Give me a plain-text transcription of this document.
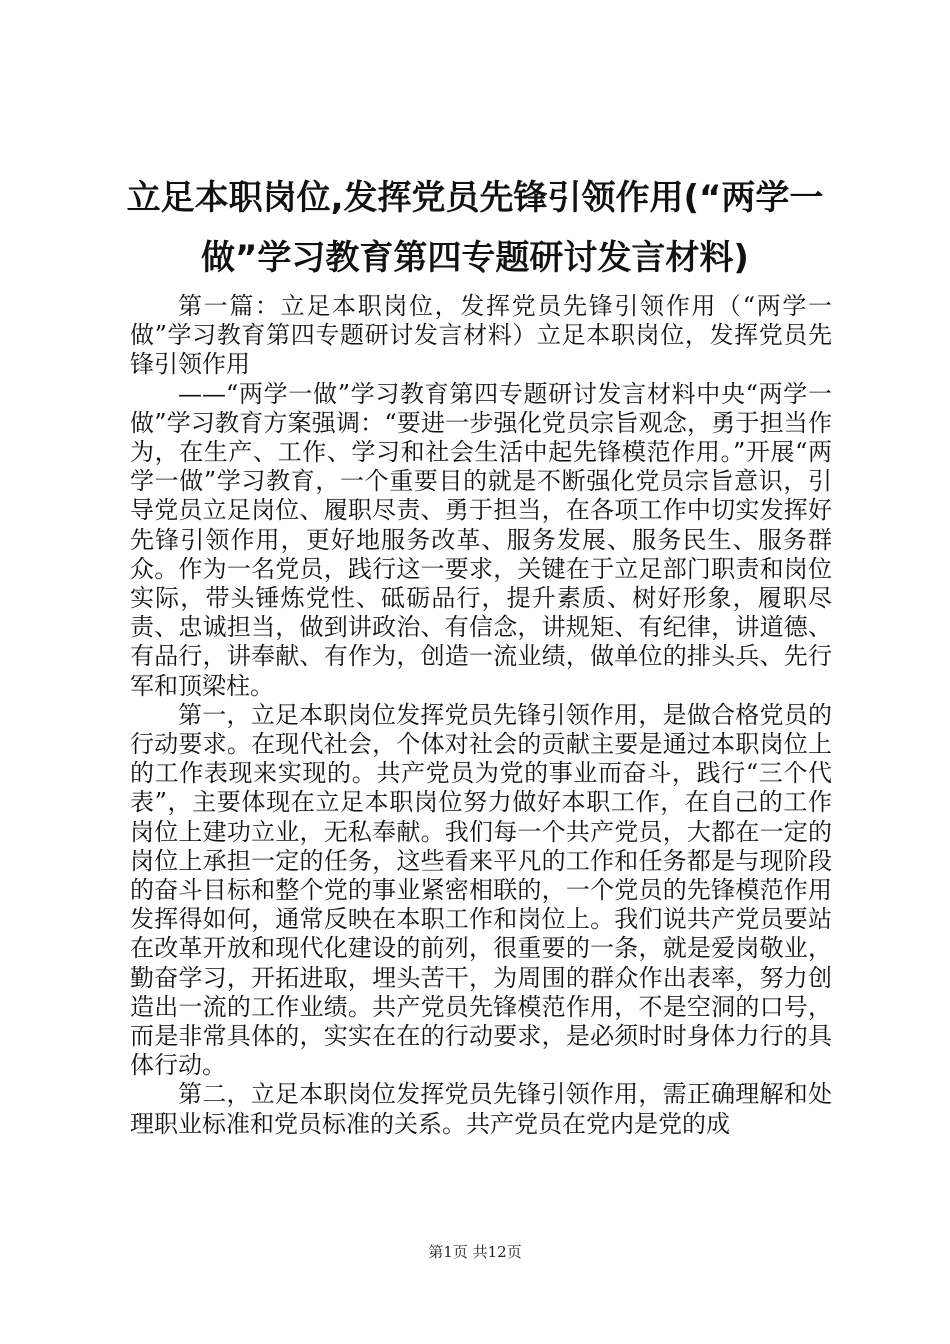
立足本职岗位,发挥党员先锋引领作用(“两学一做”学习教育第四专题研讨发言材料)

第一篇：立足本职岗位，发挥党员先锋引领作用（“两学一做”学习教育第四专题研讨发言材料）立足本职岗位，发挥党员先锋引领作用

——“两学一做”学习教育第四专题研讨发言材料中央“两学一做”学习教育方案强调：“要进一步强化党员宗旨观念，勇于担当作为，在生产、工作、学习和社会生活中起先锋模范作用。”开展“两学一做”学习教育，一个重要目的就是不断强化党员宗旨意识，引导党员立足岗位、履职尽责、勇于担当，在各项工作中切实发挥好先锋引领作用，更好地服务改革、服务发展、服务民生、服务群众。作为一名党员，践行这一要求，关键在于立足部门职责和岗位实际，带头锤炼党性、砥砺品行，提升素质、树好形象，履职尽责、忠诚担当，做到讲政治、有信念，讲规矩、有纪律，讲道德、有品行，讲奉献、有作为，创造一流业绩，做单位的排头兵、先行军和顶梁柱。

第一，立足本职岗位发挥党员先锋引领作用，是做合格党员的行动要求。在现代社会，个体对社会的贡献主要是通过本职岗位上的工作表现来实现的。共产党员为党的事业而奋斗，践行“三个代表”，主要体现在立足本职岗位努力做好本职工作，在自己的工作岗位上建功立业，无私奉献。我们每一个共产党员，大都在一定的岗位上承担一定的任务，这些看来平凡的工作和任务都是与现阶段的奋斗目标和整个党的事业紧密相联的，一个党员的先锋模范作用发挥得如何，通常反映在本职工作和岗位上。我们说共产党员要站在改革开放和现代化建设的前列，很重要的一条，就是爱岗敬业，勤奋学习，开拓进取，埋头苦干，为周围的群众作出表率，努力创造出一流的工作业绩。共产党员先锋模范作用，不是空洞的口号，而是非常具体的，实实在在的行动要求，是必须时时身体力行的具体行动。

第二，立足本职岗位发挥党员先锋引领作用，需正确理解和处理职业标准和党员标准的关系。共产党员在党内是党的成

第1页 共12页
